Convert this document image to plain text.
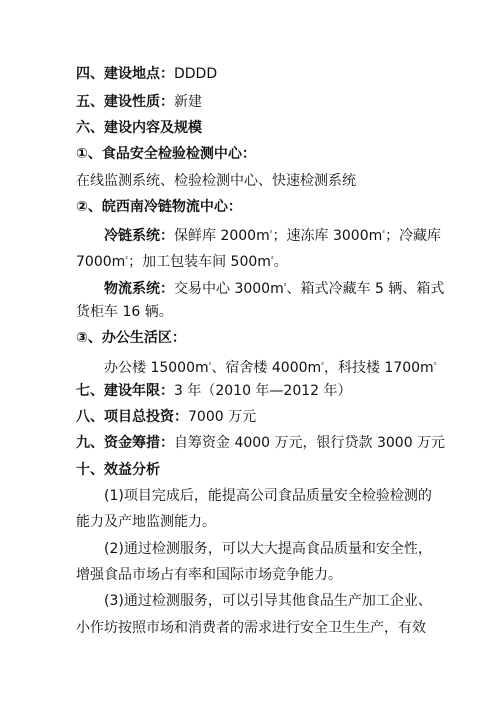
四、建设地点：DDDD
五、建设性质：新建
六、建设内容及规模
①、食品安全检验检测中心：
在线监测系统、检验检测中心、快速检测系统
②、皖西南冷链物流中心：
冷链系统：保鲜库 $2000m^{^2}$；速冻库 $3000m^{^2}$；冷藏库
$7000m^{^2}$；加工包装车间 $500m^{^2}$。
物流系统：交易中心 $3000m^{^2}$、箱式冷藏车 5 辆、箱式
货柜车 16 辆。
③、办公生活区：
办公楼 $15000m^{^2}$、宿舍楼 $4000m^{^2}$，科技楼 $1700m^{^2}$
七、建设年限：3 年（2010 年—2012 年）
八、项目总投资：7000 万元
九、资金筹措：自筹资金 4000 万元，银行贷款 3000 万元
十、效益分析
(1)项目完成后，能提高公司食品质量安全检验检测的
能力及产地监测能力。
(2)通过检测服务，可以大大提高食品质量和安全性，
增强食品市场占有率和国际市场竞争能力。
(3)通过检测服务，可以引导其他食品生产加工企业、
小作坊按照市场和消费者的需求进行安全卫生生产，有效
